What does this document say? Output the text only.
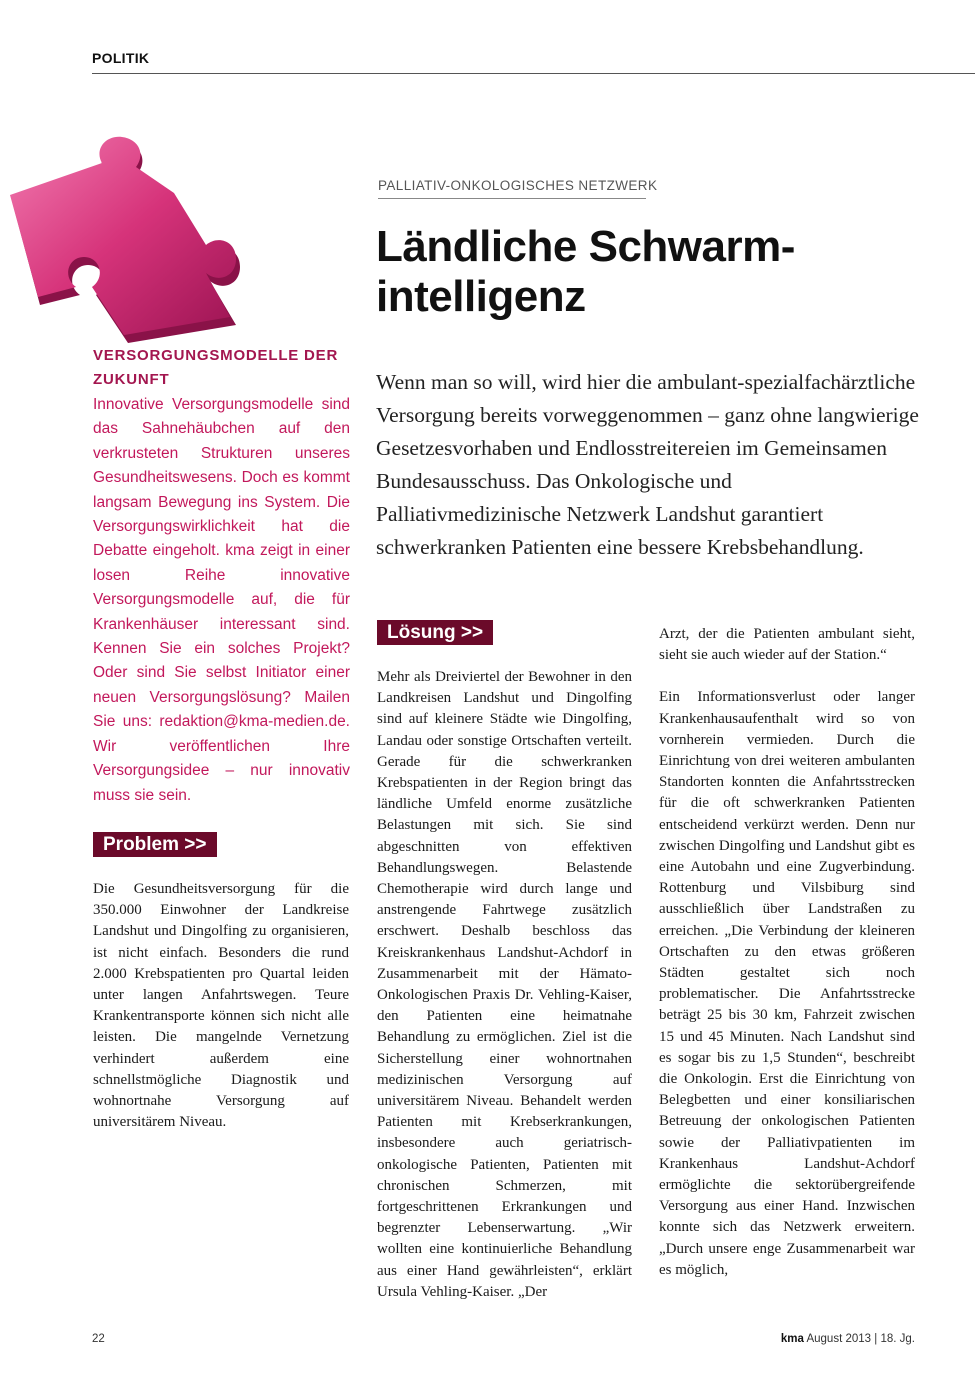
POLITIK
PALLIATIV-ONKOLOGISCHES NETZWERK
Ländliche Schwarm-
intelligenz

Wenn man so will, wird hier die ambulant-spezialfachärztliche Versorgung bereits vorweggenommen – ganz ohne langwierige Gesetzesvorhaben und Endlosstreitereien im Gemeinsamen Bundesausschuss. Das Onkologische und Palliativmedizinische Netzwerk Landshut garantiert schwerkranken Patienten eine bessere Krebsbehandlung.

VERSORGUNGSMODELLE DER ZUKUNFT

Innovative Versorgungsmodelle sind das Sahnehäubchen auf den verkrusteten Strukturen unseres Gesundheitswesens. Doch es kommt langsam Bewegung ins System. Die Versorgungswirklichkeit hat die Debatte eingeholt. kma zeigt in einer losen Reihe innovative Versorgungsmodelle auf, die für Krankenhäuser interessant sind. Kennen Sie ein solches Projekt? Oder sind Sie selbst Initiator einer neuen Versorgungslösung? Mailen Sie uns: redaktion@kma-medien.de. Wir veröffentlichen Ihre Versorgungsidee – nur innovativ muss sie sein.

Problem >>

Die Gesundheitsversorgung für die 350.000 Einwohner der Landkreise Landshut und Dingolfing zu organisieren, ist nicht einfach. Besonders die rund 2.000 Krebspatienten pro Quartal leiden unter langen Anfahrtswegen. Teure Krankentransporte können sich nicht alle leisten. Die mangelnde Vernetzung verhindert außerdem eine schnellstmögliche Diagnostik und wohnortnahe Versorgung auf universitärem Niveau.

Lösung >>

Mehr als Dreiviertel der Bewohner in den Landkreisen Landshut und Dingolfing sind auf kleinere Städte wie Dingolfing, Landau oder sonstige Ortschaften verteilt. Gerade für die schwerkranken Krebspatienten in der Region bringt das ländliche Umfeld enorme zusätzliche Belastungen mit sich. Sie sind abgeschnitten von effektiven Behandlungswegen. Belastende Chemotherapie wird durch lange und anstrengende Fahrtwege zusätzlich erschwert. Deshalb beschloss das Kreiskrankenhaus Landshut-Achdorf in Zusammenarbeit mit der Hämato-Onkologischen Praxis Dr. Vehling-Kaiser, den Patienten eine heimatnahe Behandlung zu ermöglichen. Ziel ist die Sicherstellung einer wohnortnahen medizinischen Versorgung auf universitärem Niveau. Behandelt werden Patienten mit Krebserkrankungen, insbesondere auch geriatrisch-onkologische Patienten, Patienten mit chronischen Schmerzen, mit fortgeschrittenen Erkrankungen und begrenzter Lebenserwartung. „Wir wollten eine kontinuierliche Behandlung aus einer Hand gewährleisten“, erklärt Ursula Vehling-Kaiser. „Der

Arzt, der die Patienten ambulant sieht, sieht sie auch wieder auf der Station.“

Ein Informationsverlust oder langer Krankenhausaufenthalt wird so von vornherein vermieden. Durch die Einrichtung von drei weiteren ambulanten Standorten konnten die Anfahrtsstrecken für die oft schwerkranken Patienten entscheidend verkürzt werden. Denn nur zwischen Dingolfing und Landshut gibt es eine Autobahn und eine Zugverbindung. Rottenburg und Vilsbiburg sind ausschließlich über Landstraßen zu erreichen. „Die Verbindung der kleineren Ortschaften zu den etwas größeren Städten gestaltet sich noch problematischer. Die Anfahrtsstrecke beträgt 25 bis 30 km, Fahrzeit zwischen 15 und 45 Minuten. Nach Landshut sind es sogar bis zu 1,5 Stunden“, beschreibt die Onkologin. Erst die Einrichtung von Belegbetten und einer konsiliarischen Betreuung der onkologischen Patienten sowie der Palliativpatienten im Krankenhaus Landshut-Achdorf ermöglichte die sektorübergreifende Versorgung aus einer Hand. Inzwischen konnte sich das Netzwerk erweitern. „Durch unsere enge Zusammenarbeit war es möglich,

22	kma August 2013 | 18. Jg.
